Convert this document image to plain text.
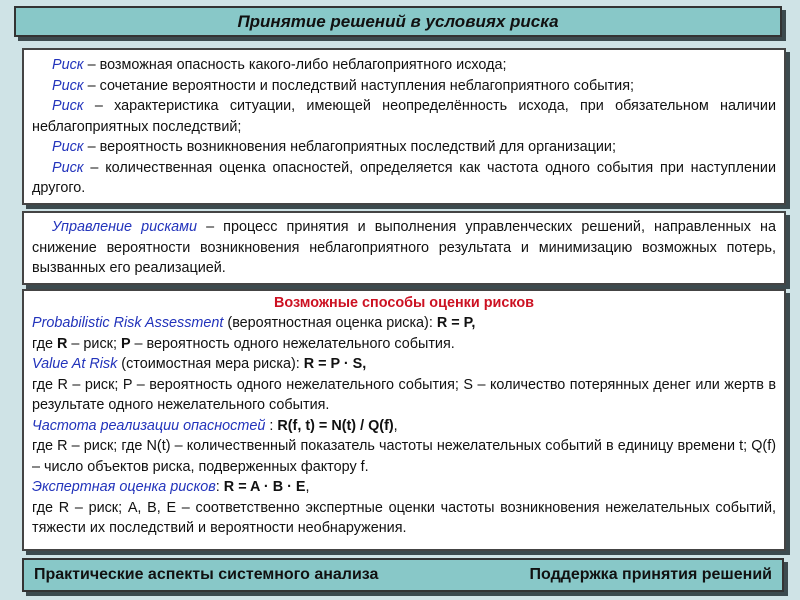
Принятие решений в условиях риска

Риск – возможная опасность какого-либо неблагоприятного исхода;

Риск – сочетание вероятности и последствий наступления неблагоприятного события;

Риск – характеристика ситуации, имеющей неопределённость исхода, при обязательном наличии неблагоприятных последствий;

Риск – вероятность возникновения неблагоприятных последствий для организации;

Риск – количественная оценка опасностей, определяется как частота одного события при наступлении другого.

Управление рисками – процесс принятия и выполнения управленческих решений, направленных на снижение вероятности возникновения неблагоприятного результата и минимизацию возможных потерь, вызванных его реализацией.

Возможные способы оценки рисков

Probabilistic Risk Assessment (вероятностная оценка риска): R = P,

где R – риск; P – вероятность одного нежелательного события.

Value At Risk (стоимостная мера риска): R = P · S,

где R – риск; P – вероятность одного нежелательного события; S – количество потерянных денег или жертв в результате одного нежелательного события.

Частота реализации опасностей : R(f, t) = N(t) / Q(f),

где R – риск; где N(t) – количественный показатель частоты нежелательных событий в единицу времени t; Q(f) – число объектов риска, подверженных фактору f.

Экспертная оценка рисков: R = A · B · E,

где R – риск; A, B, E – соответственно экспертные оценки частоты возникновения нежелательных событий, тяжести их последствий и вероятности необнаружения.

Практические аспекты системного анализа	Поддержка принятия решений
